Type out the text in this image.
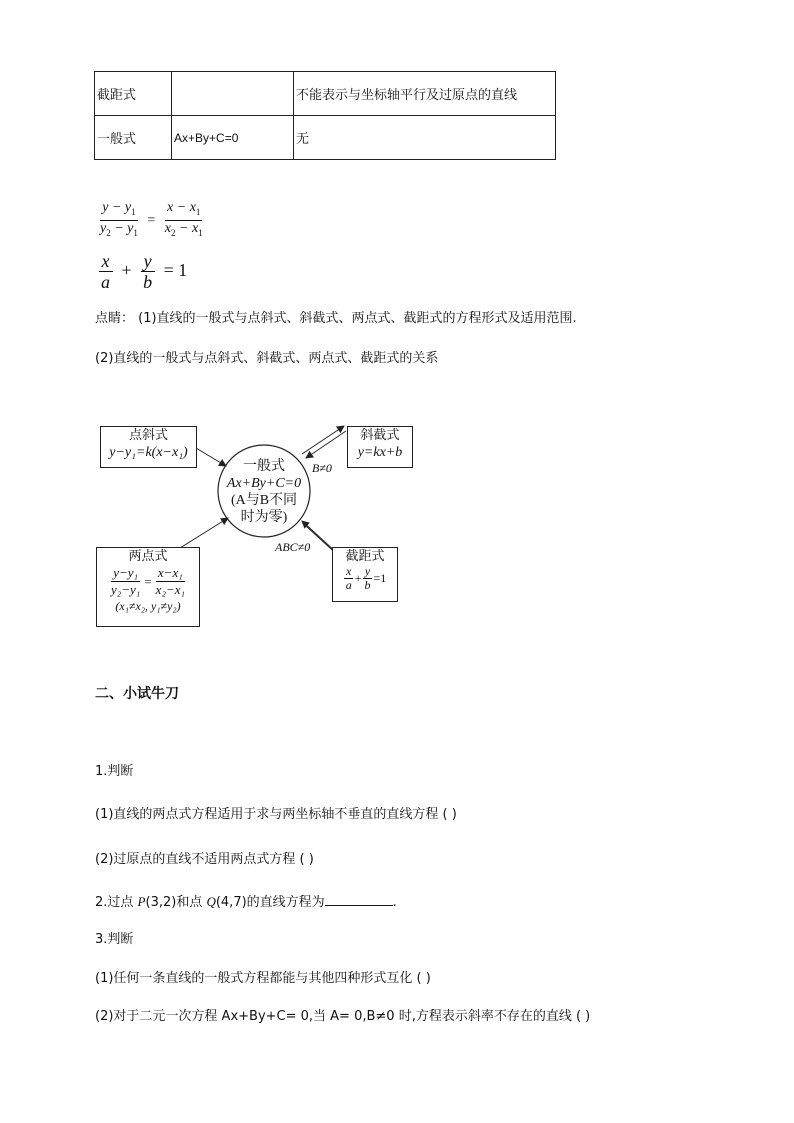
截距式		不能表示与坐标轴平行及过原点的直线
一般式	Ax+By+C=0	无
$\frac{y - y_1}{y_2 - y_1} = \frac{x - x_1}{x_2 - x_1}$
$\frac{x}{a} + \frac{y}{b} = 1$
点睛： (1)直线的一般式与点斜式、斜截式、两点式、截距式的方程形式及适用范围.
(2)直线的一般式与点斜式、斜截式、两点式、截距式的关系
点斜式
y−y₁=k(x−x₁)
斜截式
y=kx+b
一般式
Ax+By+C=0
(A与B不同
时为零)
B≠0
ABC≠0
两点式
$\frac{\text{y−y₁}}{\text{y₂−y₁}} = \frac{\text{x−x₁}}{\text{x₂−x₁}}$
(x₁≠x₂, y₁≠y₂)
截距式
$\frac{x}{a} + \frac{y}{b} =1$
二、小试牛刀
1.判断
(1)直线的两点式方程适用于求与两坐标轴不垂直的直线方程 ( )
(2)过原点的直线不适用两点式方程 ( )
2.过点 P(3,2)和点 Q(4,7)的直线方程为	.
3.判断
(1)任何一条直线的一般式方程都能与其他四种形式互化 ( )
(2)对于二元一次方程 Ax+By+C= 0,当 A= 0,B≠0 时,方程表示斜率不存在的直线 ( )
